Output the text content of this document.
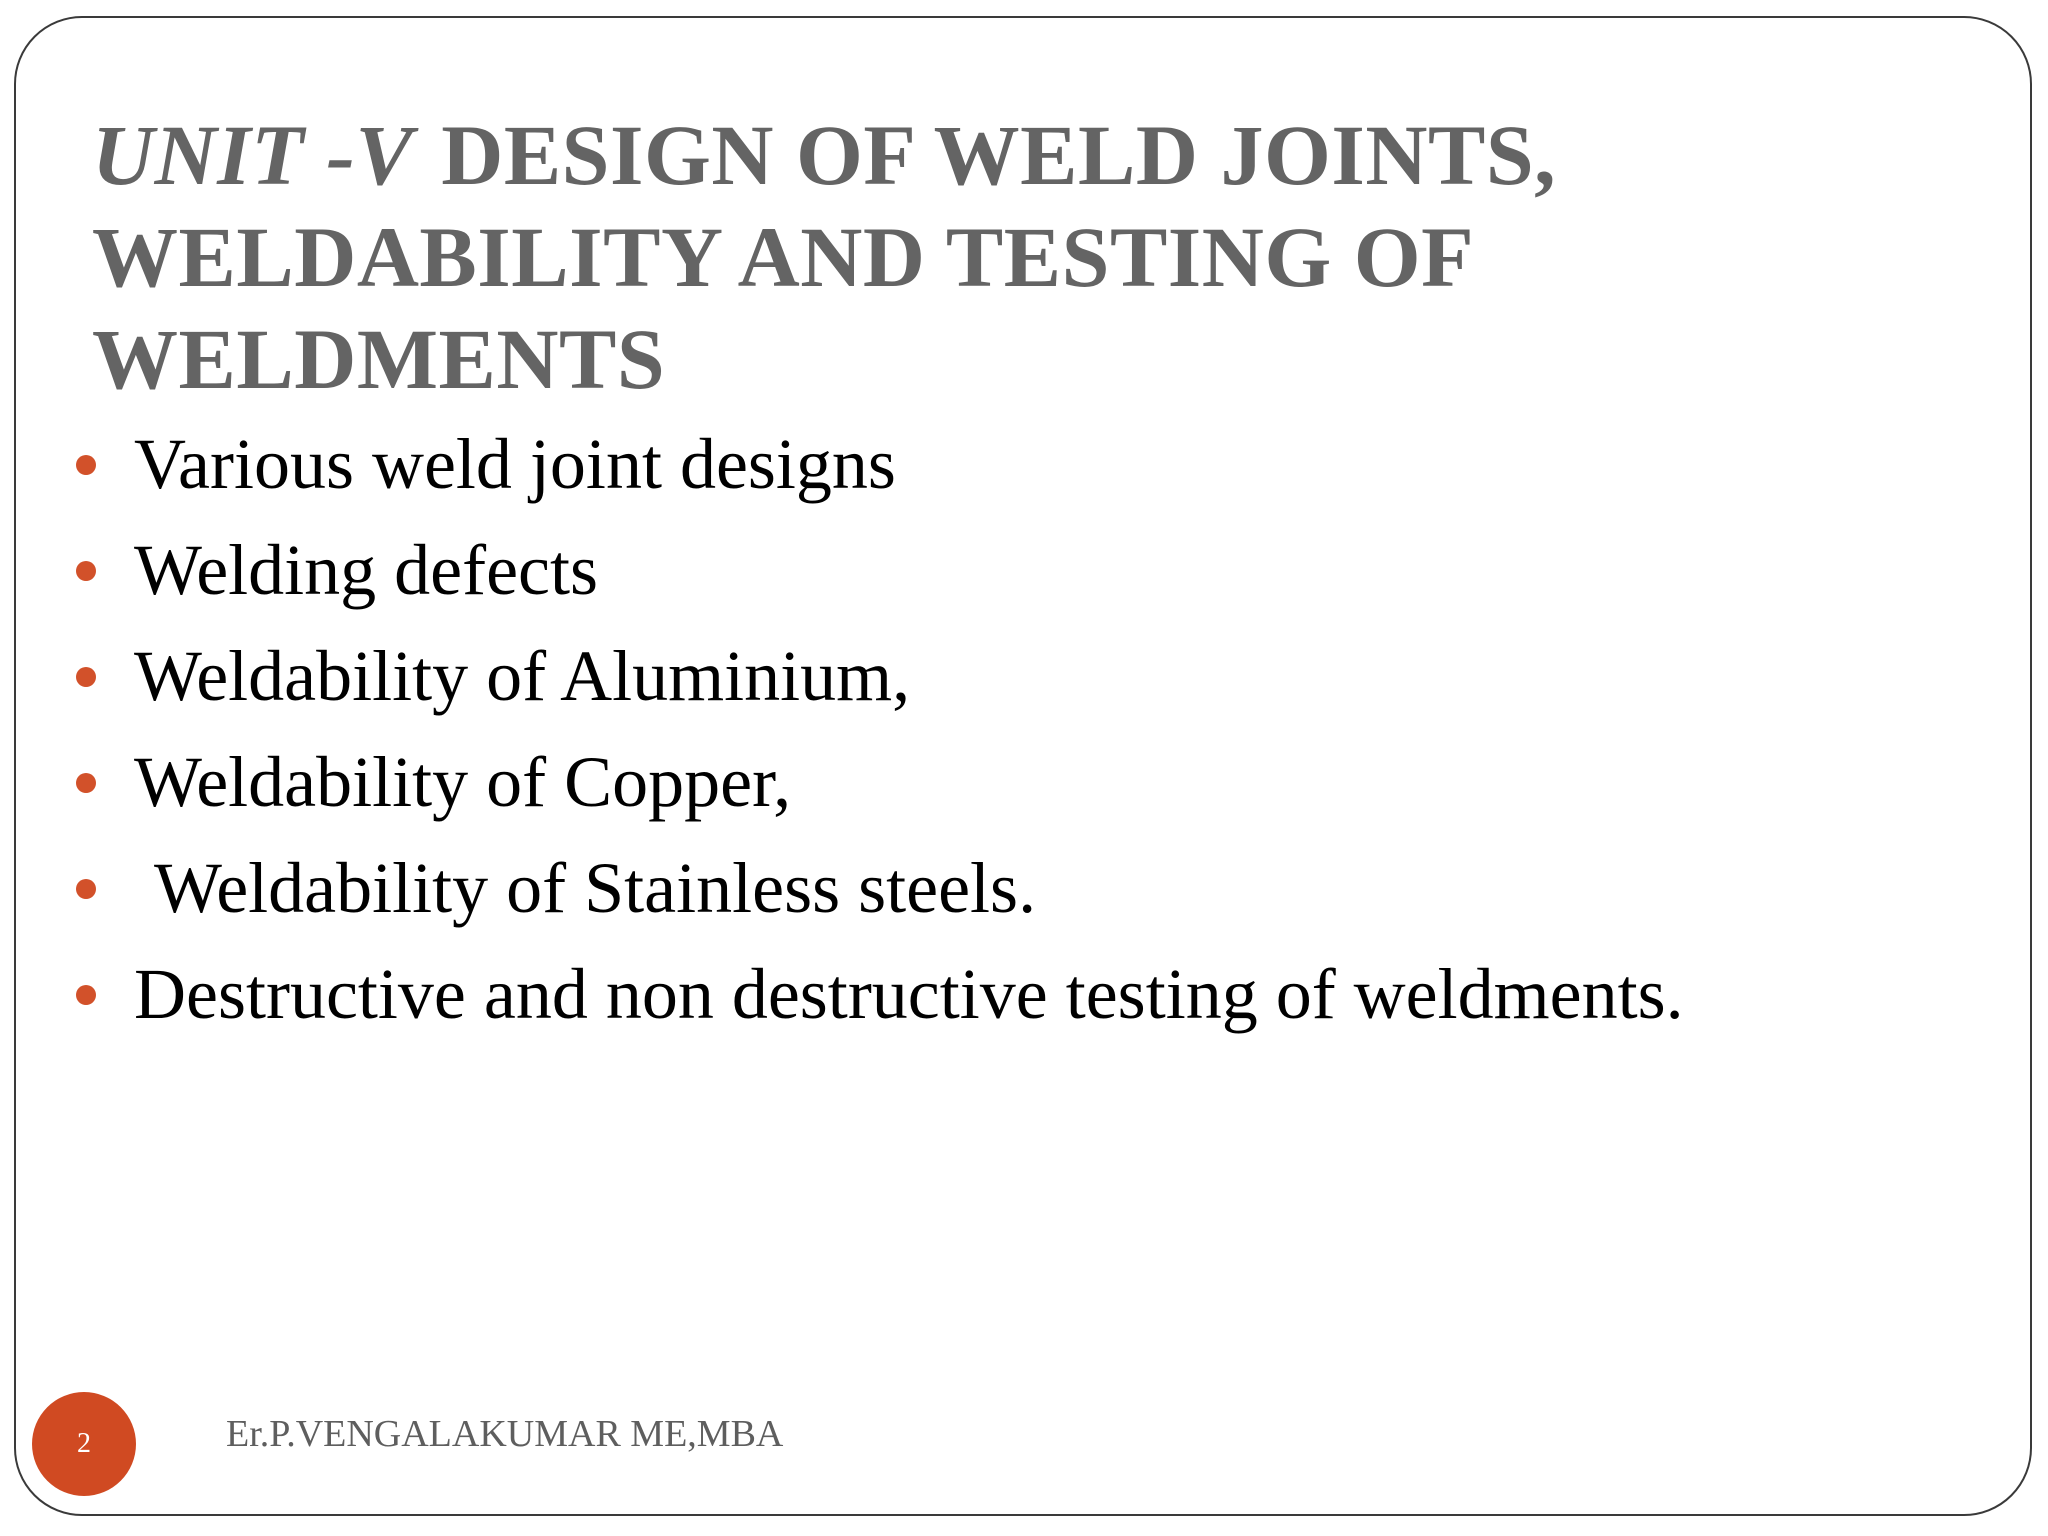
UNIT -V DESIGN OF WELD JOINTS, WELDABILITY AND TESTING OF WELDMENTS
Various weld joint designs
Welding defects
Weldability of Aluminium,
Weldability of Copper,
Weldability of Stainless steels.
Destructive and non destructive testing of weldments.
2	Er.P.VENGALAKUMAR ME,MBA
